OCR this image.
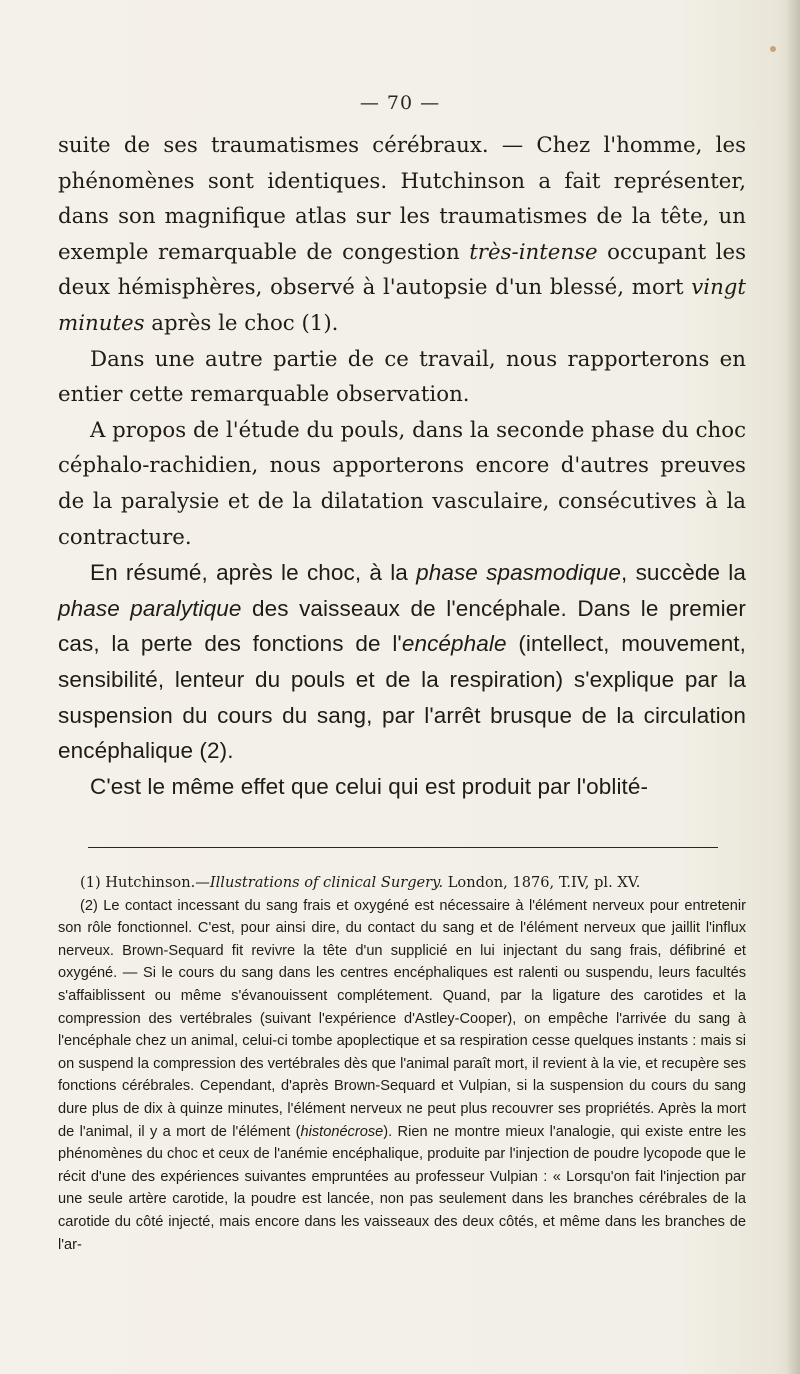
— 70 —

suite de ses traumatismes cérébraux. — Chez l'homme, les phénomènes sont identiques. Hutchinson a fait représenter, dans son magnifique atlas sur les traumatismes de la tête, un exemple remarquable de congestion très-intense occupant les deux hémisphères, observé à l'autopsie d'un blessé, mort vingt minutes après le choc (1).

Dans une autre partie de ce travail, nous rapporterons en entier cette remarquable observation.

A propos de l'étude du pouls, dans la seconde phase du choc céphalo-rachidien, nous apporterons encore d'autres preuves de la paralysie et de la dilatation vasculaire, consécutives à la contracture.

En résumé, après le choc, à la phase spasmodique, succède la phase paralytique des vaisseaux de l'encéphale. Dans le premier cas, la perte des fonctions de l'encéphale (intellect, mouvement, sensibilité, lenteur du pouls et de la respiration) s'explique par la suspension du cours du sang, par l'arrêt brusque de la circulation encéphalique (2).

C'est le même effet que celui qui est produit par l'oblité-

(1) Hutchinson.—Illustrations of clinical Surgery. London, 1876, T.IV, pl. XV.

(2) Le contact incessant du sang frais et oxygéné est nécessaire à l'élément nerveux pour entretenir son rôle fonctionnel. C'est, pour ainsi dire, du contact du sang et de l'élément nerveux que jaillit l'influx nerveux. Brown-Sequard fit revivre la tête d'un supplicié en lui injectant du sang frais, défibriné et oxygéné. — Si le cours du sang dans les centres encéphaliques est ralenti ou suspendu, leurs facultés s'affaiblissent ou même s'évanouissent complétement. Quand, par la ligature des carotides et la compression des vertébrales (suivant l'expérience d'Astley-Cooper), on empêche l'arrivée du sang à l'encéphale chez un animal, celui-ci tombe apoplectique et sa respiration cesse quelques instants : mais si on suspend la compression des vertébrales dès que l'animal paraît mort, il revient à la vie, et recupère ses fonctions cérébrales. Cependant, d'après Brown-Sequard et Vulpian, si la suspension du cours du sang dure plus de dix à quinze minutes, l'élément nerveux ne peut plus recouvrer ses propriétés. Après la mort de l'animal, il y a mort de l'élément (histonécrose). Rien ne montre mieux l'analogie, qui existe entre les phénomènes du choc et ceux de l'anémie encéphalique, produite par l'injection de poudre lycopode que le récit d'une des expériences suivantes empruntées au professeur Vulpian : « Lorsqu'on fait l'injection par une seule artère carotide, la poudre est lancée, non pas seulement dans les branches cérébrales de la carotide du côté injecté, mais encore dans les vaisseaux des deux côtés, et même dans les branches de l'ar-
